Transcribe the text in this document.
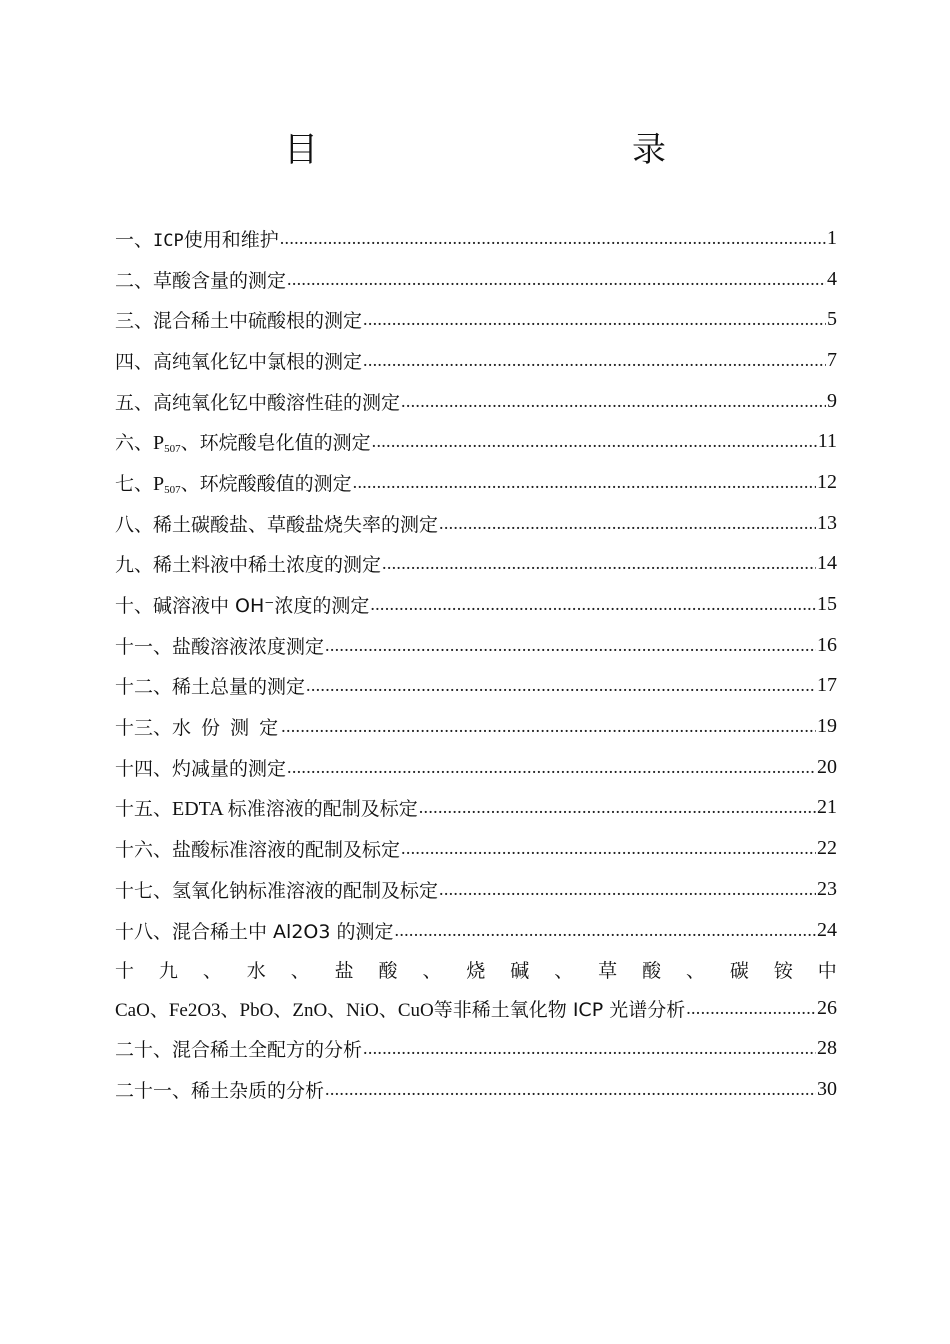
目　　录
一、ICP使用和维护 .....	1
二、草酸含量的测定 .....	4
三、混合稀土中硫酸根的测定 .....	5
四、高纯氧化钇中氯根的测定 .....	7
五、高纯氧化钇中酸溶性硅的测定 .....	9
六、$P_{507}$、环烷酸皂化值的测定 .....	11
七、$P_{507}$、环烷酸酸值的测定 .....	12
八、稀土碳酸盐、草酸盐烧失率的测定 .....	13
九、稀土料液中稀土浓度的测定 .....	14
十、碱溶液中 OH⁻浓度的测定 .....	15
十一、盐酸溶液浓度测定 .....	16
十二、稀土总量的测定 .....	17
十三、水 份 测 定 .....	19
十四、灼减量的测定 .....	20
十五、EDTA 标准溶液的配制及标定 .....	21
十六、盐酸标准溶液的配制及标定 .....	22
十七、氢氧化钠标准溶液的配制及标定 .....	23
十八、混合稀土中 Al2O3 的测定 .....	24
十 九 、 水 、 盐 酸 、 烧 碱 、 草 酸 、 碳 铵 中
CaO、Fe2O3、PbO、ZnO、NiO、CuO等非稀土氧化物 ICP 光谱分析 .....	26
二十、混合稀土全配方的分析 .....	28
二十一、稀土杂质的分析 .....	30
